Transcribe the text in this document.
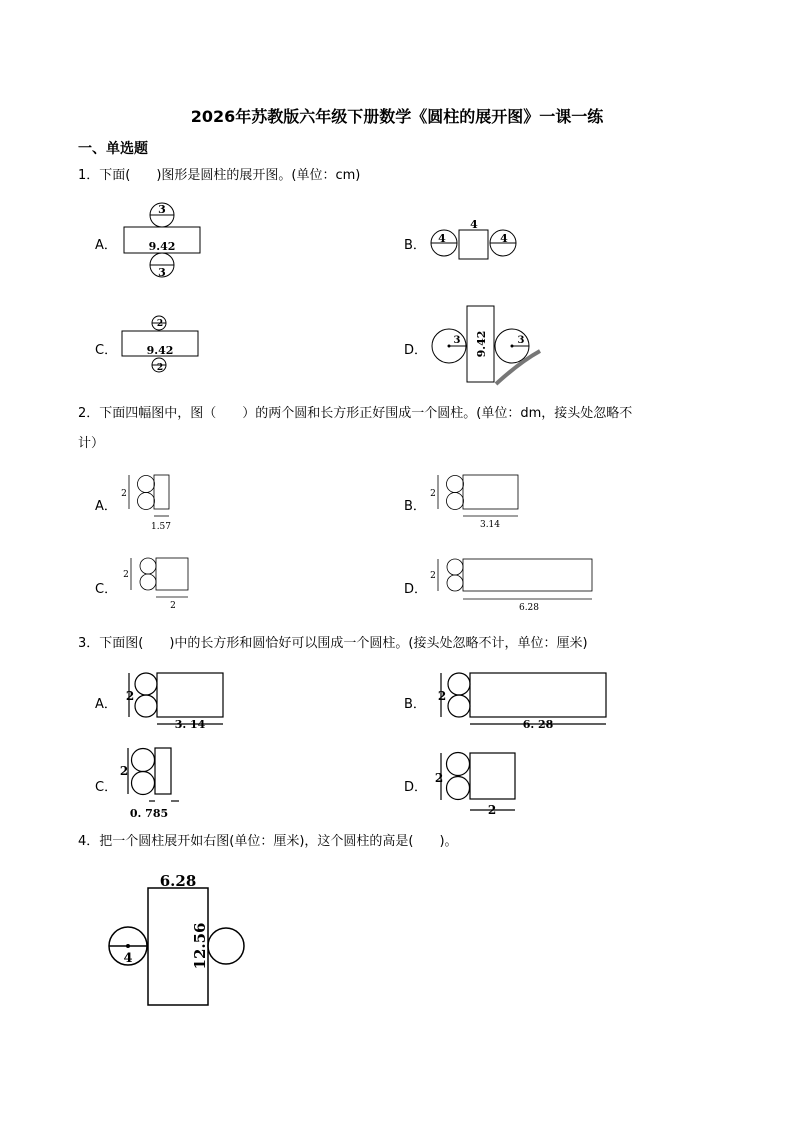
2026年苏教版六年级下册数学《圆柱的展开图》一课一练
一、单选题
1．下面(　　)图形是圆柱的展开图。(单位：cm)
A．
3
9.42
3
B． 4
4
4
C．
2
9.42
2
D．
3 9.42	3
2．下面四幅图中，图（　　）的两个圆和长方形正好围成一个圆柱。(单位：dm，接头处忽略不
计）
A．
2
1.57
B．
2
3.14
C．
2
2
D．
2
6.28
3．下面图(　　)中的长方形和圆恰好可以围成一个圆柱。(接头处忽略不计，单位：厘米)
A．
2
3. 14
B．
2
6. 28
C．
2
0. 785
D．
2
2
4．把一个圆柱展开如右图(单位：厘米)，这个圆柱的高是(　　)。
6.28
12.56
4
